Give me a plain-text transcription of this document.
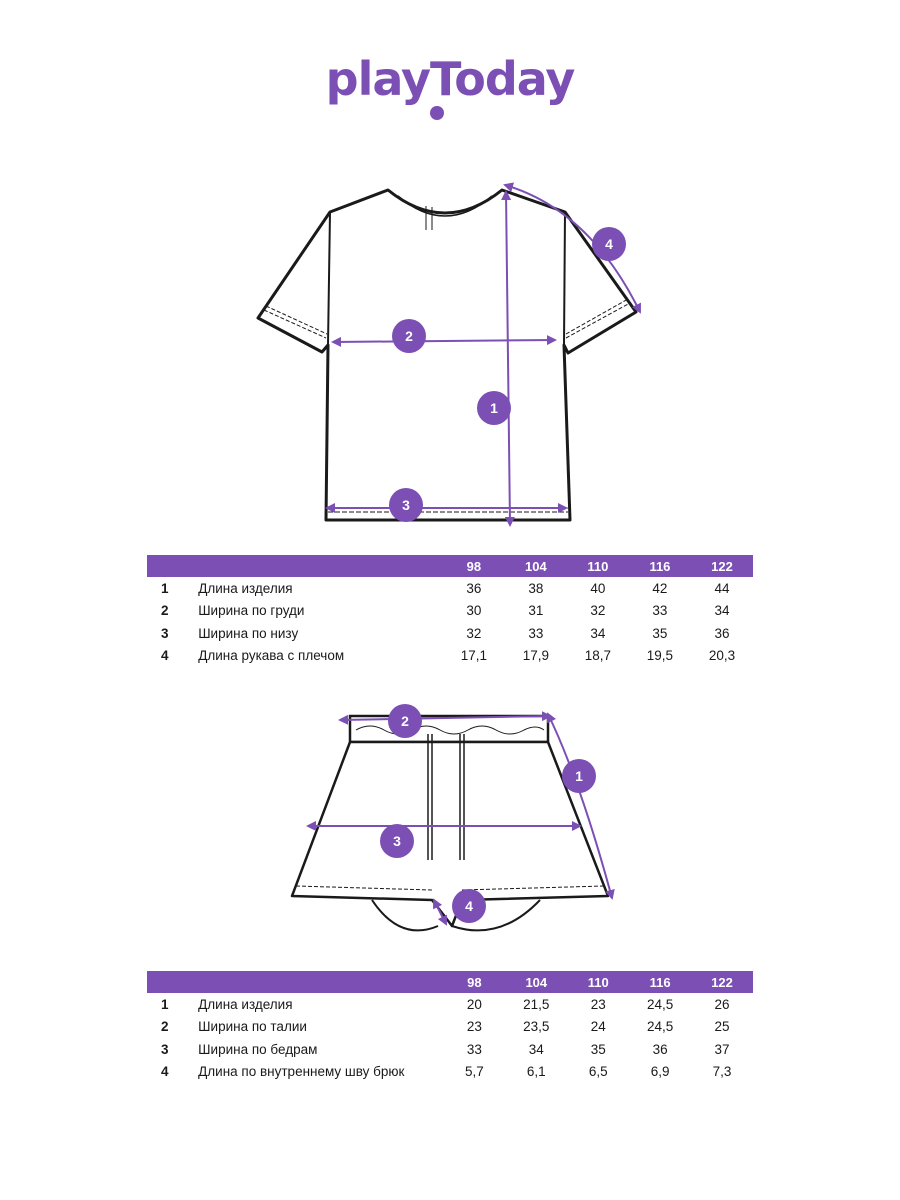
playToday
1
2
3
4
		98	104	110	116	122
1	Длина изделия	36	38	40	42	44
2	Ширина по груди	30	31	32	33	34
3	Ширина по низу	32	33	34	35	36
4	Длина рукава с плечом	17,1	17,9	18,7	19,5	20,3
1
2
3
4
		98	104	110	116	122
1	Длина изделия	20	21,5	23	24,5	26
2	Ширина по талии	23	23,5	24	24,5	25
3	Ширина по бедрам	33	34	35	36	37
4	Длина по внутреннему шву брюк	5,7	6,1	6,5	6,9	7,3
